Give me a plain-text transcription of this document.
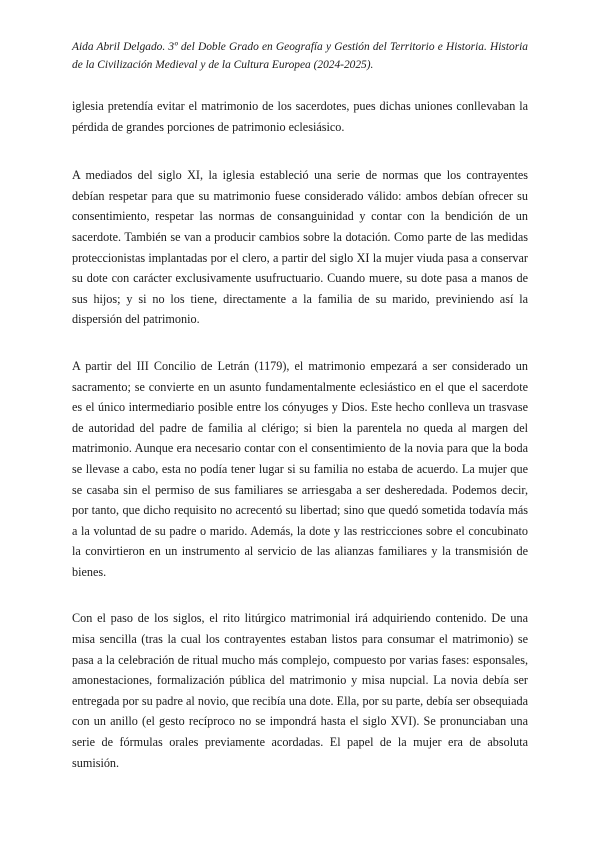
Aida Abril Delgado. 3º del Doble Grado en Geografía y Gestión del Territorio e Historia. Historia de la Civilización Medieval y de la Cultura Europea (2024-2025).

iglesia pretendía evitar el matrimonio de los sacerdotes, pues dichas uniones conllevaban la pérdida de grandes porciones de patrimonio eclesiásico.

A mediados del siglo XI, la iglesia estableció una serie de normas que los contrayentes debían respetar para que su matrimonio fuese considerado válido: ambos debían ofrecer su consentimiento, respetar las normas de consanguinidad y contar con la bendición de un sacerdote. También se van a producir cambios sobre la dotación. Como parte de las medidas proteccionistas implantadas por el clero, a partir del siglo XI la mujer viuda pasa a conservar su dote con carácter exclusivamente usufructuario. Cuando muere, su dote pasa a manos de sus hijos; y si no los tiene, directamente a la familia de su marido, previniendo así la dispersión del patrimonio.

A partir del III Concilio de Letrán (1179), el matrimonio empezará a ser considerado un sacramento; se convierte en un asunto fundamentalmente eclesiástico en el que el sacerdote es el único intermediario posible entre los cónyuges y Dios. Este hecho conlleva un trasvase de autoridad del padre de familia al clérigo; si bien la parentela no queda al margen del matrimonio. Aunque era necesario contar con el consentimiento de la novia para que la boda se llevase a cabo, esta no podía tener lugar si su familia no estaba de acuerdo. La mujer que se casaba sin el permiso de sus familiares se arriesgaba a ser desheredada. Podemos decir, por tanto, que dicho requisito no acrecentó su libertad; sino que quedó sometida todavía más a la voluntad de su padre o marido. Además, la dote y las restricciones sobre el concubinato la convirtieron en un instrumento al servicio de las alianzas familiares y la transmisión de bienes.

Con el paso de los siglos, el rito litúrgico matrimonial irá adquiriendo contenido. De una misa sencilla (tras la cual los contrayentes estaban listos para consumar el matrimonio) se pasa a la celebración de ritual mucho más complejo, compuesto por varias fases: esponsales, amonestaciones, formalización pública del matrimonio y misa nupcial. La novia debía ser entregada por su padre al novio, que recibía una dote. Ella, por su parte, debía ser obsequiada con un anillo (el gesto recíproco no se impondrá hasta el siglo XVI). Se pronunciaban una serie de fórmulas orales previamente acordadas. El papel de la mujer era de absoluta sumisión.
